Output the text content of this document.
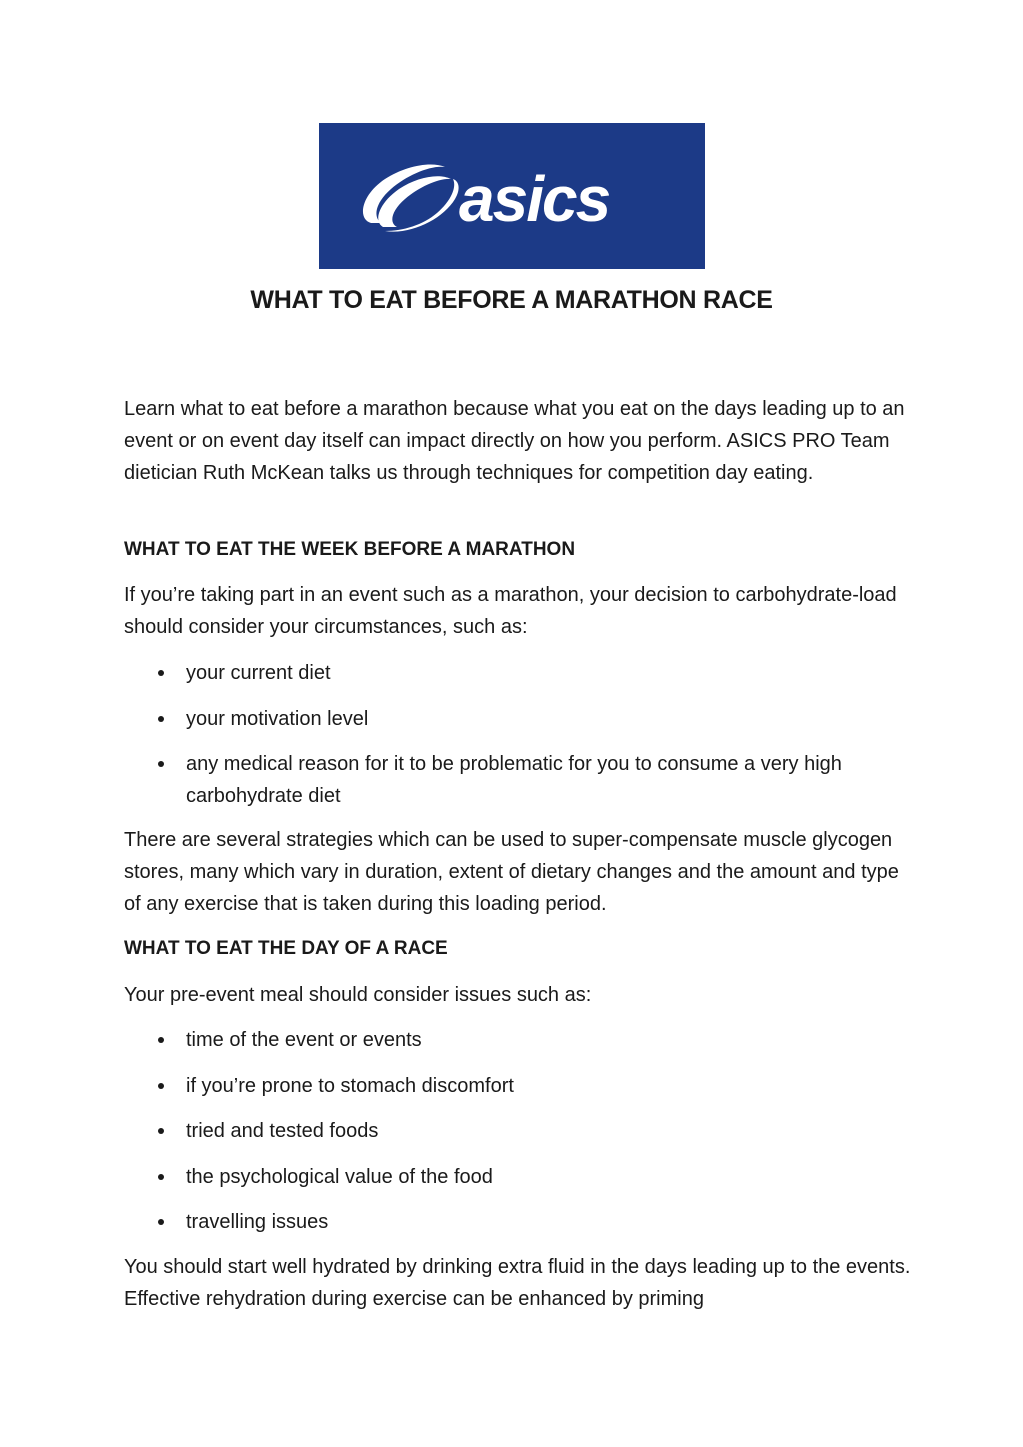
asics
WHAT TO EAT BEFORE A MARATHON RACE

Learn what to eat before a marathon because what you eat on the days leading up to an event or on event day itself can impact directly on how you perform. ASICS PRO Team dietician Ruth McKean talks us through techniques for competition day eating.

WHAT TO EAT THE WEEK BEFORE A MARATHON

If you’re taking part in an event such as a marathon, your decision to carbohydrate-load should consider your circumstances, such as:

your current diet
your motivation level
any medical reason for it to be problematic for you to consume a very high carbohydrate diet

There are several strategies which can be used to super-compensate muscle glycogen stores, many which vary in duration, extent of dietary changes and the amount and type of any exercise that is taken during this loading period.

WHAT TO EAT THE DAY OF A RACE

Your pre-event meal should consider issues such as:

time of the event or events
if you’re prone to stomach discomfort
tried and tested foods
the psychological value of the food
travelling issues

You should start well hydrated by drinking extra fluid in the days leading up to the events. Effective rehydration during exercise can be enhanced by priming
